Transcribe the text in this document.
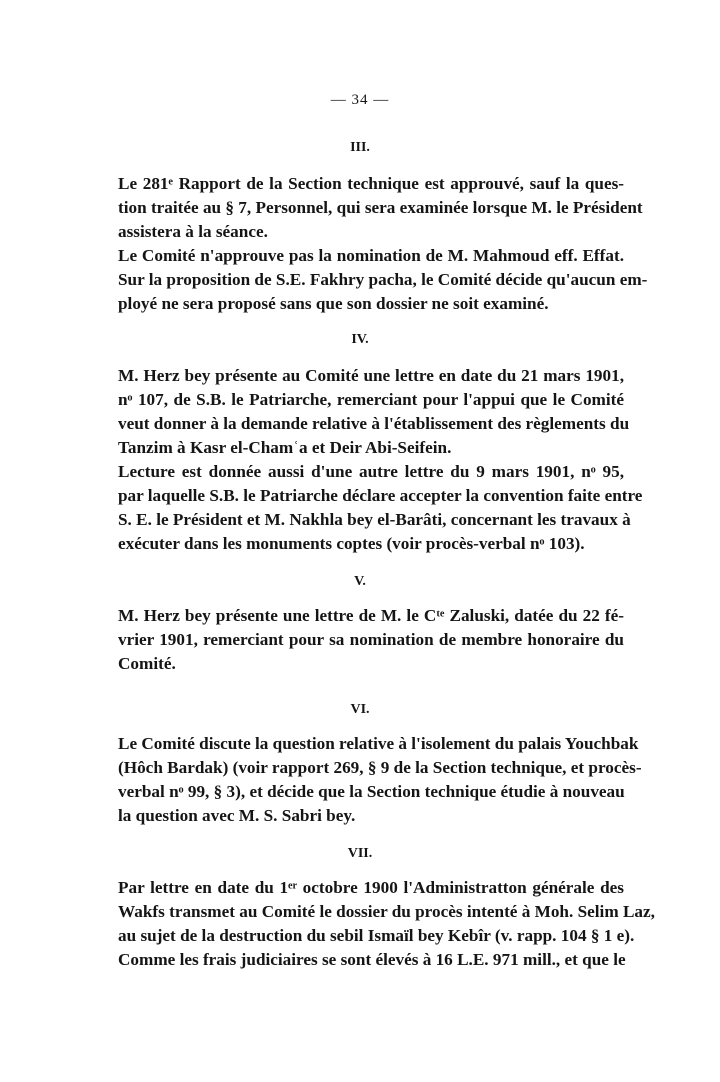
— 34 —
III.
Le 281ᵉ Rapport de la Section technique est approuvé, sauf la ques-
tion traitée au § 7, Personnel, qui sera examinée lorsque M. le Président
assistera à la séance.
Le Comité n'approuve pas la nomination de M. Mahmoud eff. Effat.
Sur la proposition de S.E. Fakhry pacha, le Comité décide qu'aucun em-
ployé ne sera proposé sans que son dossier ne soit examiné.
IV.
M. Herz bey présente au Comité une lettre en date du 21 mars 1901,
nᵒ 107, de S.B. le Patriarche, remerciant pour l'appui que le Comité
veut donner à la demande relative à l'établissement des règlements du
Tanzim à Kasr el-Chamʿa et Deir Abi-Seifein.
Lecture est donnée aussi d'une autre lettre du 9 mars 1901, nᵒ 95,
par laquelle S.B. le Patriarche déclare accepter la convention faite entre
S. E. le Président et M. Nakhla bey el-Barâti, concernant les travaux à
exécuter dans les monuments coptes (voir procès-verbal nᵒ 103).
V.
M. Herz bey présente une lettre de M. le Cᵗᵉ Zaluski, datée du 22 fé-
vrier 1901, remerciant pour sa nomination de membre honoraire du
Comité.
VI.
Le Comité discute la question relative à l'isolement du palais Youchbak
(Hôch Bardak) (voir rapport 269, § 9 de la Section technique, et procès-
verbal nᵒ 99, § 3), et décide que la Section technique étudie à nouveau
la question avec M. S. Sabri bey.
VII.
Par lettre en date du 1ᵉʳ octobre 1900 l'Administratton générale des
Wakfs transmet au Comité le dossier du procès intenté à Moh. Selim Laz,
au sujet de la destruction du sebil Ismaïl bey Kebîr (v. rapp. 104 § 1 e).
Comme les frais judiciaires se sont élevés à 16 L.E. 971 mill., et que le
